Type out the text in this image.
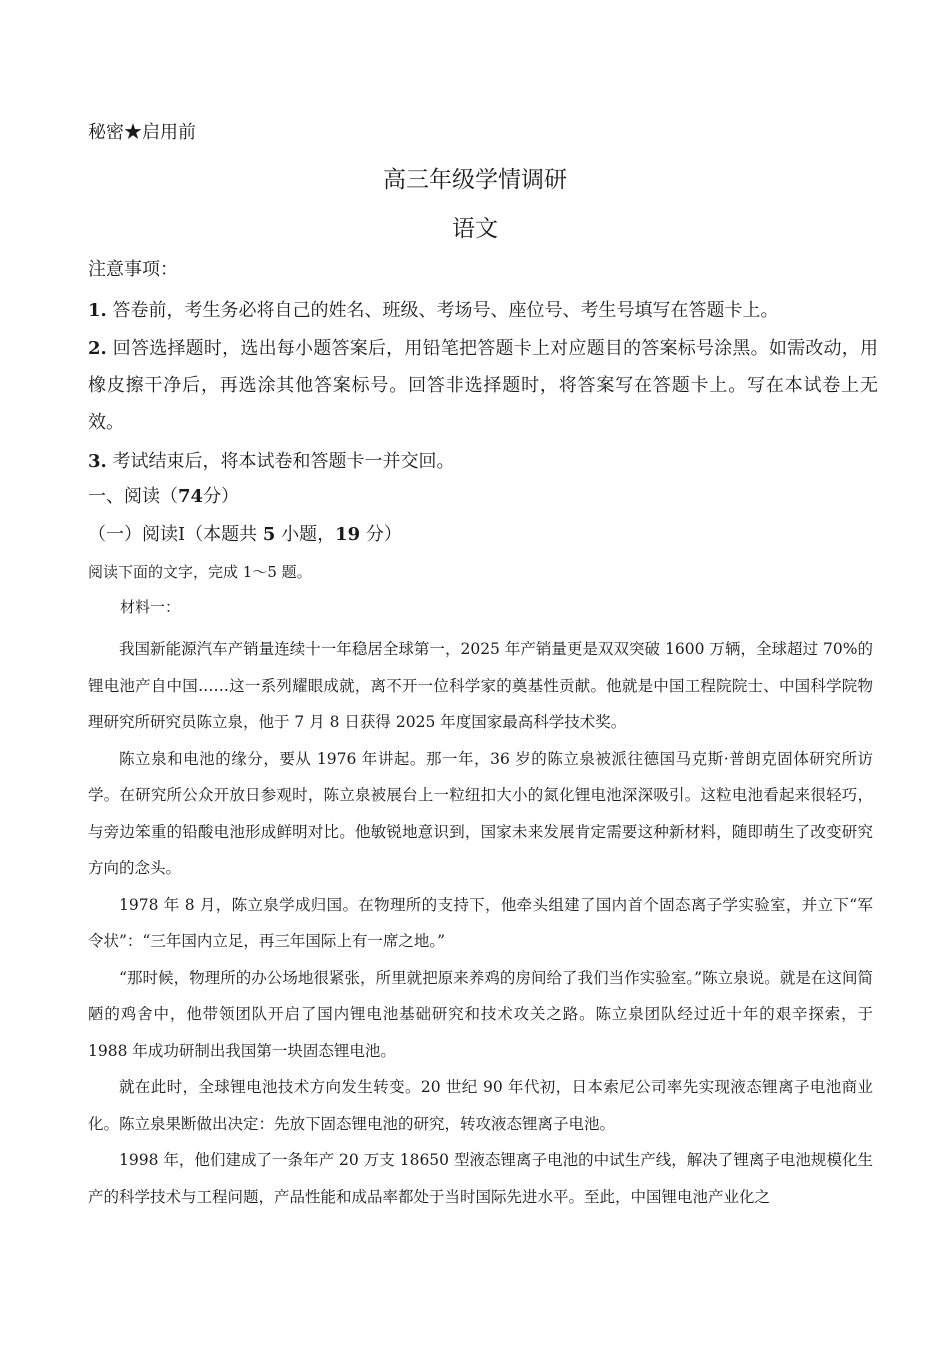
秘密★启用前
高三年级学情调研
语文
注意事项：
1. 答卷前，考生务必将自己的姓名、班级、考场号、座位号、考生号填写在答题卡上。
2. 回答选择题时，选出每小题答案后，用铅笔把答题卡上对应题目的答案标号涂黑。如需改动，用橡皮擦干净后，再选涂其他答案标号。回答非选择题时，将答案写在答题卡上。写在本试卷上无效。
3. 考试结束后，将本试卷和答题卡一并交回。
一、阅读（74分）
（一）阅读Ⅰ（本题共 5 小题，19 分）
阅读下面的文字，完成 1～5 题。
材料一：

我国新能源汽车产销量连续十一年稳居全球第一，2025 年产销量更是双双突破 1600 万辆，全球超过 70%的锂电池产自中国……这一系列耀眼成就，离不开一位科学家的奠基性贡献。他就是中国工程院院士、中国科学院物理研究所研究员陈立泉，他于 7 月 8 日获得 2025 年度国家最高科学技术奖。

陈立泉和电池的缘分，要从 1976 年讲起。那一年，36 岁的陈立泉被派往德国马克斯·普朗克固体研究所访学。在研究所公众开放日参观时，陈立泉被展台上一粒纽扣大小的氮化锂电池深深吸引。这粒电池看起来很轻巧，与旁边笨重的铅酸电池形成鲜明对比。他敏锐地意识到，国家未来发展肯定需要这种新材料，随即萌生了改变研究方向的念头。

1978 年 8 月，陈立泉学成归国。在物理所的支持下，他牵头组建了国内首个固态离子学实验室，并立下“军令状”：“三年国内立足，再三年国际上有一席之地。”

“那时候，物理所的办公场地很紧张，所里就把原来养鸡的房间给了我们当作实验室。”陈立泉说。就是在这间简陋的鸡舍中，他带领团队开启了国内锂电池基础研究和技术攻关之路。陈立泉团队经过近十年的艰辛探索，于 1988 年成功研制出我国第一块固态锂电池。

就在此时，全球锂电池技术方向发生转变。20 世纪 90 年代初，日本索尼公司率先实现液态锂离子电池商业化。陈立泉果断做出决定：先放下固态锂电池的研究，转攻液态锂离子电池。

1998 年，他们建成了一条年产 20 万支 18650 型液态锂离子电池的中试生产线，解决了锂离子电池规模化生产的科学技术与工程问题，产品性能和成品率都处于当时国际先进水平。至此，中国锂电池产业化之
